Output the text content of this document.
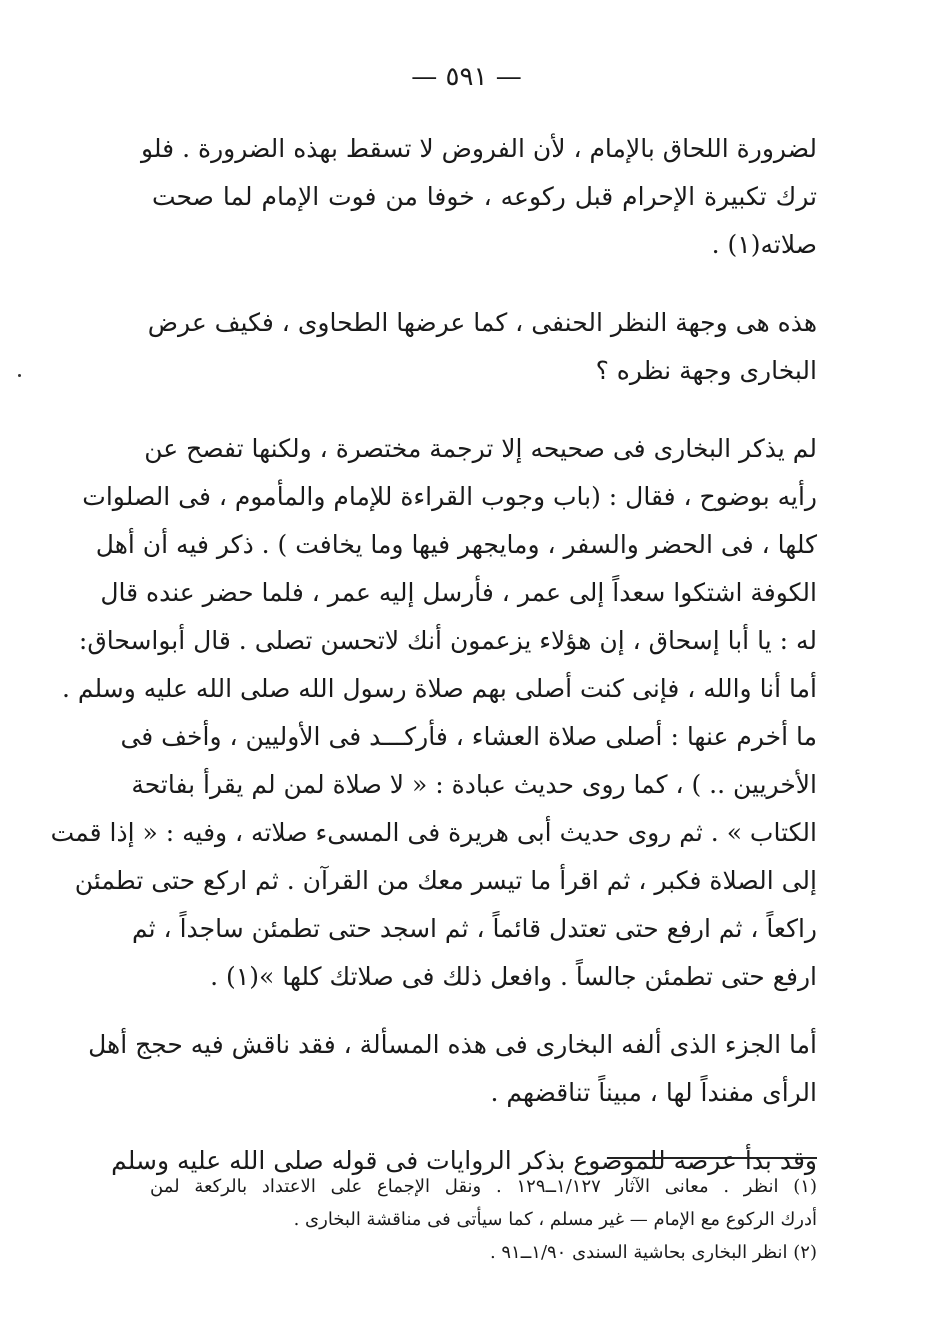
— ٥٩١ —

لضرورة اللحاق بالإمام ، لأن الفروض لا تسقط بهذه الضرورة . فلو
ترك تكبيرة الإحرام قبل ركوعه ، خوفا من فوت الإمام لما صحت
صلاته(١) .

هذه هى وجهة النظر الحنفى ، كما عرضها الطحاوى ، فكيف عرض
البخارى وجهة نظره ؟

لم يذكر البخارى فى صحيحه إلا ترجمة مختصرة ، ولكنها تفصح عن
رأيه بوضوح ، فقال : (باب وجوب القراءة للإمام والمأموم ، فى الصلوات
كلها ، فى الحضر والسفر ، ومايجهر فيها وما يخافت ) . ذكر فيه أن أهل
الكوفة اشتكوا سعداً إلى عمر ، فأرسل إليه عمر ، فلما حضر عنده قال
له : يا أبا إسحاق ، إن هؤلاء يزعمون أنك لاتحسن تصلى . قال أبواسحاق:
أما أنا والله ، فإنى كنت أصلى بهم صلاة رسول الله صلى الله عليه وسلم .
ما أخرم عنها : أصلى صلاة العشاء ، فأركـــد فى الأوليين ، وأخف فى
الأخريين .. ) ، كما روى حديث عبادة : « لا صلاة لمن لم يقرأ بفاتحة
الكتاب » . ثم روى حديث أبى هريرة فى المسىء صلاته ، وفيه : « إذا قمت
إلى الصلاة فكبر ، ثم اقرأ ما تيسر معك من القرآن . ثم اركع حتى تطمئن
راكعاً ، ثم ارفع حتى تعتدل قائماً ، ثم اسجد حتى تطمئن ساجداً ، ثم
ارفع حتى تطمئن جالساً . وافعل ذلك فى صلاتك كلها »(١) .

أما الجزء الذى ألفه البخارى فى هذه المسألة ، فقد ناقش فيه حجج أهل
الرأى مفنداً لها ، مبيناً تناقضهم .

وقد بدأ عرضه للموضوع بذكر الروايات فى قوله صلى الله عليه وسلم

(١) انظر . معانى الآثار ١/١٢٧ــ١٢٩ . ونقل الإجماع على الاعتداد بالركعة لمن
أدرك الركوع مع الإمام — غير مسلم ، كما سيأتى فى مناقشة البخارى .
(٢) انظر البخارى بحاشية السندى ١/٩٠ــ٩١ .
